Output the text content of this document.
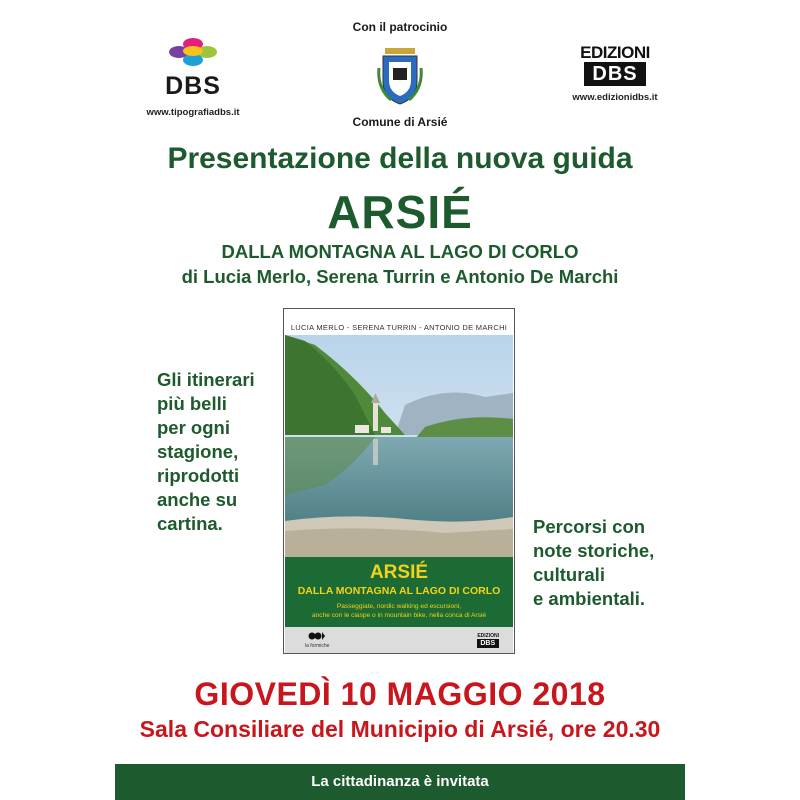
DBS
www.tipografiadbs.it
Con il patrocinio
Comune di Arsié
EDIZIONI
DBS
www.edizionidbs.it
Presentazione della nuova guida
ARSIÉ
DALLA MONTAGNA AL LAGO DI CORLO
di Lucia Merlo, Serena Turrin e Antonio De Marchi
Gli itinerari
più belli
per ogni
stagione,
riprodotti
anche su
cartina.
LUCIA MERLO - SERENA TURRIN - ANTONIO DE MARCHI
ARSIÉ
DALLA MONTAGNA AL LAGO DI CORLO
Passeggiate, nordic walking ed escursioni,
anche con le ciaspe o in mountain bike, nella conca di Arsié
la formiche
EDIZIONI
DBS
Percorsi con
note storiche,
culturali
e ambientali.
GIOVEDÌ 10 MAGGIO 2018
Sala Consiliare del Municipio di Arsié, ore 20.30
La cittadinanza è invitata
